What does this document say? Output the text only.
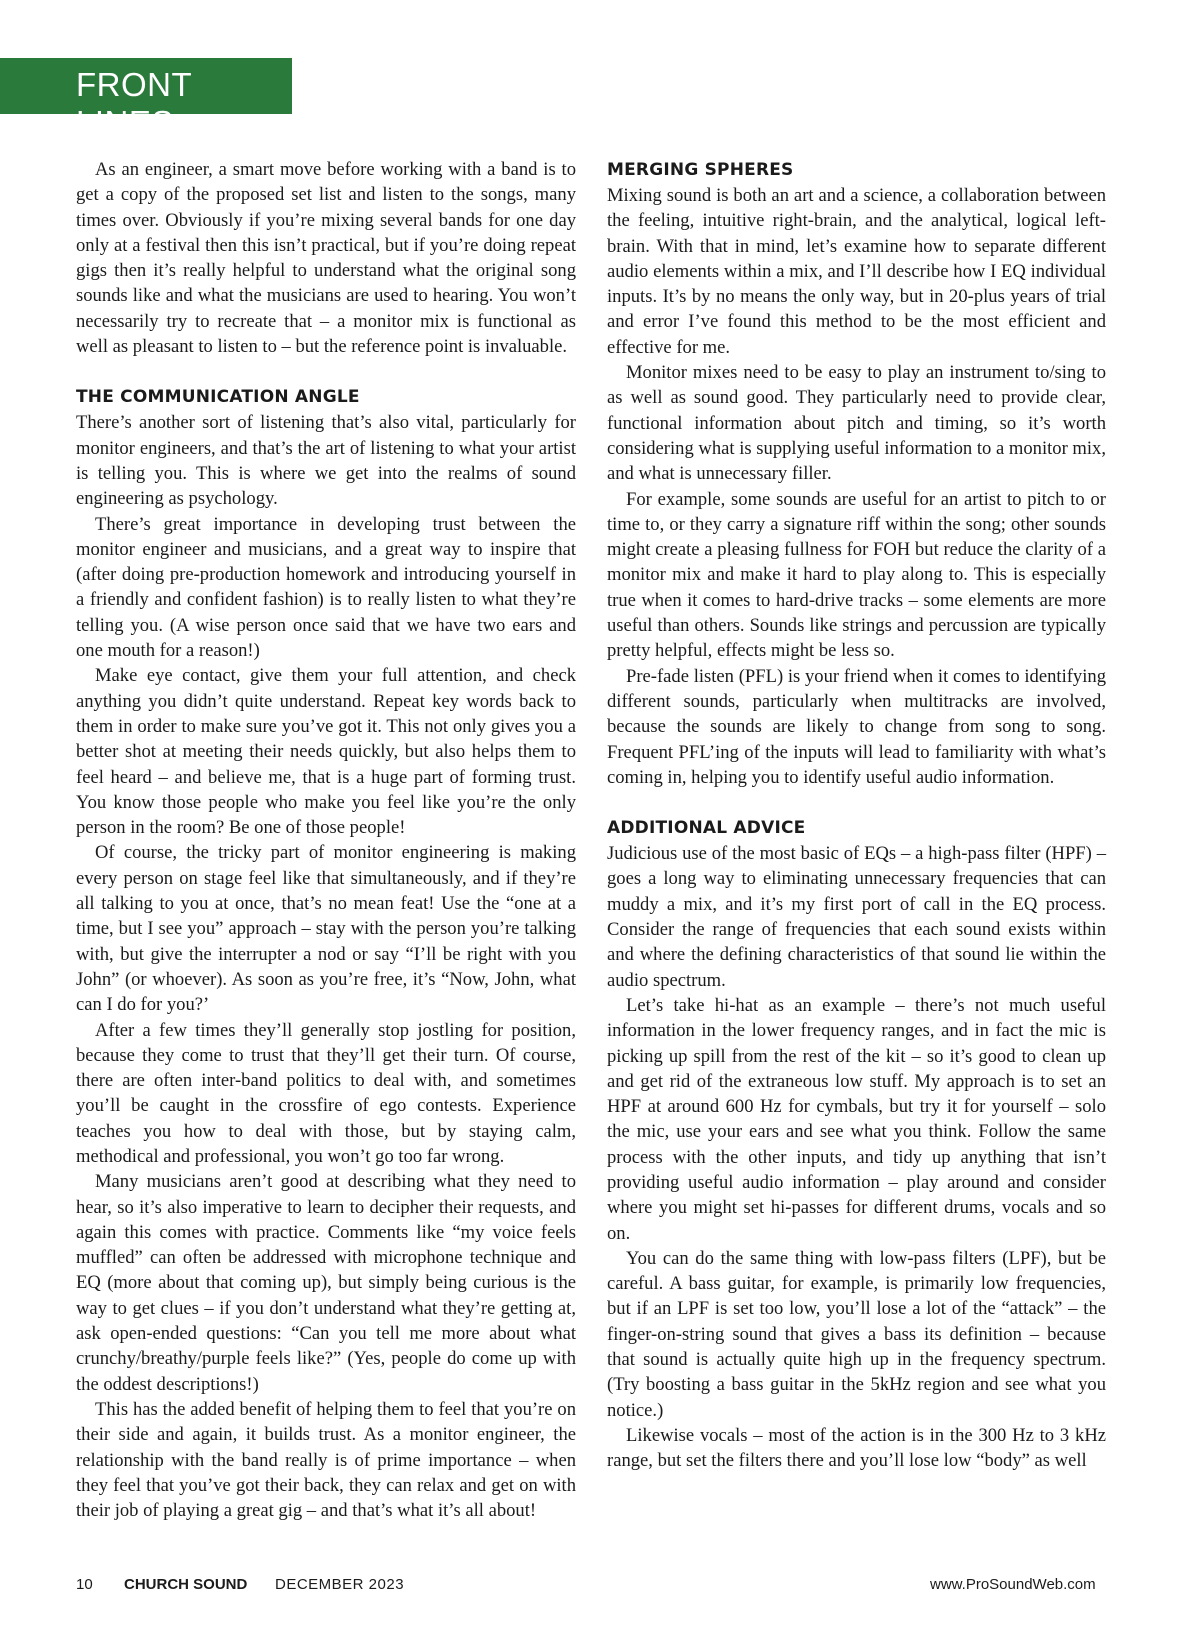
FRONT LINES

As an engineer, a smart move before working with a band is to get a copy of the proposed set list and listen to the songs, many times over. Obviously if you’re mixing several bands for one day only at a festival then this isn’t practical, but if you’re doing repeat gigs then it’s really helpful to understand what the original song sounds like and what the musicians are used to hearing. You won’t necessarily try to recreate that – a monitor mix is functional as well as pleasant to listen to – but the reference point is invaluable.

THE COMMUNICATION ANGLE

There’s another sort of listening that’s also vital, particularly for monitor engineers, and that’s the art of listening to what your artist is telling you. This is where we get into the realms of sound engineering as psychology.

There’s great importance in developing trust between the monitor engineer and musicians, and a great way to inspire that (after doing pre-production homework and introducing yourself in a friendly and confident fashion) is to really listen to what they’re telling you. (A wise person once said that we have two ears and one mouth for a reason!)

Make eye contact, give them your full attention, and check anything you didn’t quite understand. Repeat key words back to them in order to make sure you’ve got it. This not only gives you a better shot at meeting their needs quickly, but also helps them to feel heard – and believe me, that is a huge part of forming trust. You know those people who make you feel like you’re the only person in the room? Be one of those people!

Of course, the tricky part of monitor engineering is making every person on stage feel like that simultaneously, and if they’re all talking to you at once, that’s no mean feat! Use the “one at a time, but I see you” approach – stay with the person you’re talking with, but give the interrupter a nod or say “I’ll be right with you John” (or whoever). As soon as you’re free, it’s “Now, John, what can I do for you?’

After a few times they’ll generally stop jostling for position, because they come to trust that they’ll get their turn. Of course, there are often inter-band politics to deal with, and sometimes you’ll be caught in the crossfire of ego contests. Experience teaches you how to deal with those, but by staying calm, methodical and professional, you won’t go too far wrong.

Many musicians aren’t good at describing what they need to hear, so it’s also imperative to learn to decipher their requests, and again this comes with practice. Comments like “my voice feels muffled” can often be addressed with microphone technique and EQ (more about that coming up), but simply being curious is the way to get clues – if you don’t understand what they’re getting at, ask open-ended questions: “Can you tell me more about what crunchy/breathy/purple feels like?” (Yes, people do come up with the oddest descriptions!)

This has the added benefit of helping them to feel that you’re on their side and again, it builds trust. As a monitor engineer, the relationship with the band really is of prime importance – when they feel that you’ve got their back, they can relax and get on with their job of playing a great gig – and that’s what it’s all about!

MERGING SPHERES

Mixing sound is both an art and a science, a collaboration between the feeling, intuitive right-brain, and the analytical, logical left-brain. With that in mind, let’s examine how to separate different audio elements within a mix, and I’ll describe how I EQ individual inputs. It’s by no means the only way, but in 20-plus years of trial and error I’ve found this method to be the most efficient and effective for me.

Monitor mixes need to be easy to play an instrument to/sing to as well as sound good. They particularly need to provide clear, functional information about pitch and timing, so it’s worth considering what is supplying useful information to a monitor mix, and what is unnecessary filler.

For example, some sounds are useful for an artist to pitch to or time to, or they carry a signature riff within the song; other sounds might create a pleasing fullness for FOH but reduce the clarity of a monitor mix and make it hard to play along to. This is especially true when it comes to hard-drive tracks – some elements are more useful than others. Sounds like strings and percussion are typically pretty helpful, effects might be less so.

Pre-fade listen (PFL) is your friend when it comes to identifying different sounds, particularly when multitracks are involved, because the sounds are likely to change from song to song. Frequent PFL’ing of the inputs will lead to familiarity with what’s coming in, helping you to identify useful audio information.

ADDITIONAL ADVICE

Judicious use of the most basic of EQs – a high-pass filter (HPF) – goes a long way to eliminating unnecessary frequencies that can muddy a mix, and it’s my first port of call in the EQ process. Consider the range of frequencies that each sound exists within and where the defining characteristics of that sound lie within the audio spectrum.

Let’s take hi-hat as an example – there’s not much useful information in the lower frequency ranges, and in fact the mic is picking up spill from the rest of the kit – so it’s good to clean up and get rid of the extraneous low stuff. My approach is to set an HPF at around 600 Hz for cymbals, but try it for yourself – solo the mic, use your ears and see what you think. Follow the same process with the other inputs, and tidy up anything that isn’t providing useful audio information – play around and consider where you might set hi-passes for different drums, vocals and so on.

You can do the same thing with low-pass filters (LPF), but be careful. A bass guitar, for example, is primarily low frequencies, but if an LPF is set too low, you’ll lose a lot of the “attack” – the finger-on-string sound that gives a bass its definition – because that sound is actually quite high up in the frequency spectrum. (Try boosting a bass guitar in the 5kHz region and see what you notice.)

Likewise vocals – most of the action is in the 300 Hz to 3 kHz range, but set the filters there and you’ll lose low “body” as well

10 CHURCH SOUND DECEMBER 2023	www.ProSoundWeb.com
